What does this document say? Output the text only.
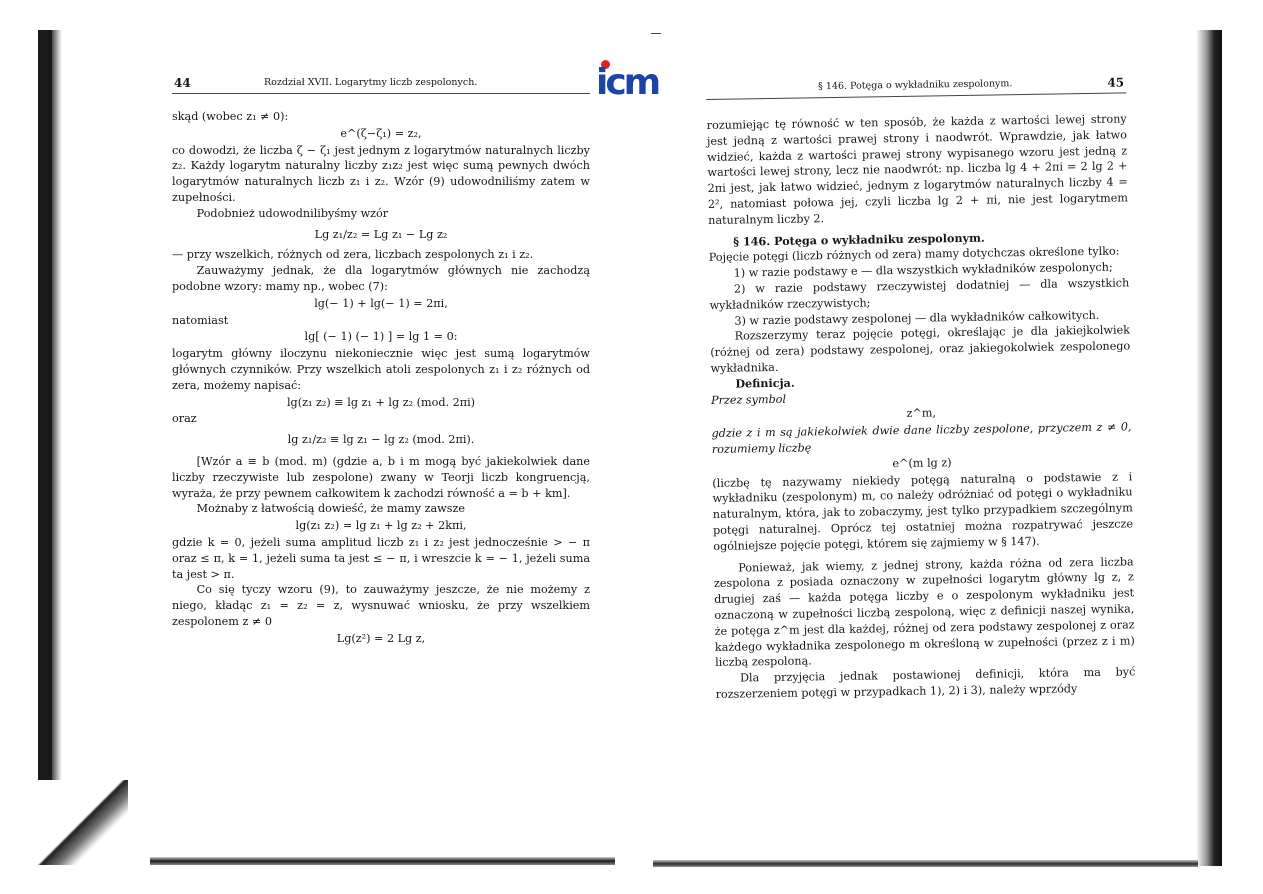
icm
44	Rozdział XVII. Logarytmy liczb zespolonych.

skąd (wobec z₁ ≠ 0):

e^(ζ−ζ₁) = z₂,

co dowodzi, że liczba ζ − ζ₁ jest jednym z logarytmów naturalnych liczby z₂. Każdy logarytm naturalny liczby z₁z₂ jest więc sumą pewnych dwóch logarytmów naturalnych liczb z₁ i z₂. Wzór (9) udowodniliśmy zatem w zupełności.

Podobnież udowodnilibyśmy wzór

Lg z₁/z₂ = Lg z₁ − Lg z₂

— przy wszelkich, różnych od zera, liczbach zespolonych z₁ i z₂.

Zauważymy jednak, że dla logarytmów głównych nie zachodzą podobne wzory: mamy np., wobec (7):

lg(− 1) + lg(− 1) = 2πi,

natomiast

lg[ (− 1) (− 1) ] = lg 1 = 0:

logarytm główny iloczynu niekoniecznie więc jest sumą logarytmów głównych czynników. Przy wszelkich atoli zespolonych z₁ i z₂ różnych od zera, możemy napisać:

lg(z₁ z₂) ≡ lg z₁ + lg z₂ (mod. 2πi)

oraz

lg z₁/z₂ ≡ lg z₁ − lg z₂ (mod. 2πi).

[Wzór a ≡ b (mod. m) (gdzie a, b i m mogą być jakiekolwiek dane liczby rzeczywiste lub zespolone) zwany w Teorji liczb kongruencją, wyraża, że przy pewnem całkowitem k zachodzi równość a = b + km].

Możnaby z łatwością dowieść, że mamy zawsze

lg(z₁ z₂) = lg z₁ + lg z₂ + 2kπi,

gdzie k = 0, jeżeli suma amplitud liczb z₁ i z₂ jest jednocześnie > − π oraz ≤ π, k = 1, jeżeli suma ta jest ≤ − π, i wreszcie k = − 1, jeżeli suma ta jest > π.

Co się tyczy wzoru (9), to zauważymy jeszcze, że nie możemy z niego, kładąc z₁ = z₂ = z, wysnuwać wniosku, że przy wszelkiem zespolonem z ≠ 0

Lg(z²) = 2 Lg z,

§ 146. Potęga o wykładniku zespolonym.	45

rozumiejąc tę równość w ten sposób, że każda z wartości lewej strony jest jedną z wartości prawej strony i naodwrót. Wprawdzie, jak łatwo widzieć, każda z wartości prawej strony wypisanego wzoru jest jedną z wartości lewej strony, lecz nie naodwrót: np. liczba lg 4 + 2πi = 2 lg 2 + 2πi jest, jak łatwo widzieć, jednym z logarytmów naturalnych liczby 4 = 2², natomiast połowa jej, czyli liczba lg 2 + πi, nie jest logarytmem naturalnym liczby 2.

§ 146. Potęga o wykładniku zespolonym.

Pojęcie potęgi (liczb różnych od zera) mamy dotychczas określone tylko:

1) w razie podstawy e — dla wszystkich wykładników zespolonych;

2) w razie podstawy rzeczywistej dodatniej — dla wszystkich wykładników rzeczywistych;

3) w razie podstawy zespolonej — dla wykładników całkowitych.

Rozszerzymy teraz pojęcie potęgi, określając je dla jakiejkolwiek (różnej od zera) podstawy zespolonej, oraz jakiegokolwiek zespolonego wykładnika.

Definicja.

Przez symbol

z^m,

gdzie z i m są jakiekolwiek dwie dane liczby zespolone, przyczem z ≠ 0, rozumiemy liczbę

e^(m lg z)

(liczbę tę nazywamy niekiedy potęgą naturalną o podstawie z i wykładniku (zespolonym) m, co należy odróżniać od potęgi o wykładniku naturalnym, która, jak to zobaczymy, jest tylko przypadkiem szczególnym potęgi naturalnej. Oprócz tej ostatniej można rozpatrywać jeszcze ogólniejsze pojęcie potęgi, którem się zajmiemy w § 147).

Ponieważ, jak wiemy, z jednej strony, każda różna od zera liczba zespolona z posiada oznaczony w zupełności logarytm główny lg z, z drugiej zaś — każda potęga liczby e o zespolonym wykładniku jest oznaczoną w zupełności liczbą zespoloną, więc z definicji naszej wynika, że potęga z^m jest dla każdej, różnej od zera podstawy zespolonej z oraz każdego wykładnika zespolonego m określoną w zupełności (przez z i m) liczbą zespoloną.

Dla przyjęcia jednak postawionej definicji, która ma być rozszerzeniem potęgi w przypadkach 1), 2) i 3), należy wprzódy
